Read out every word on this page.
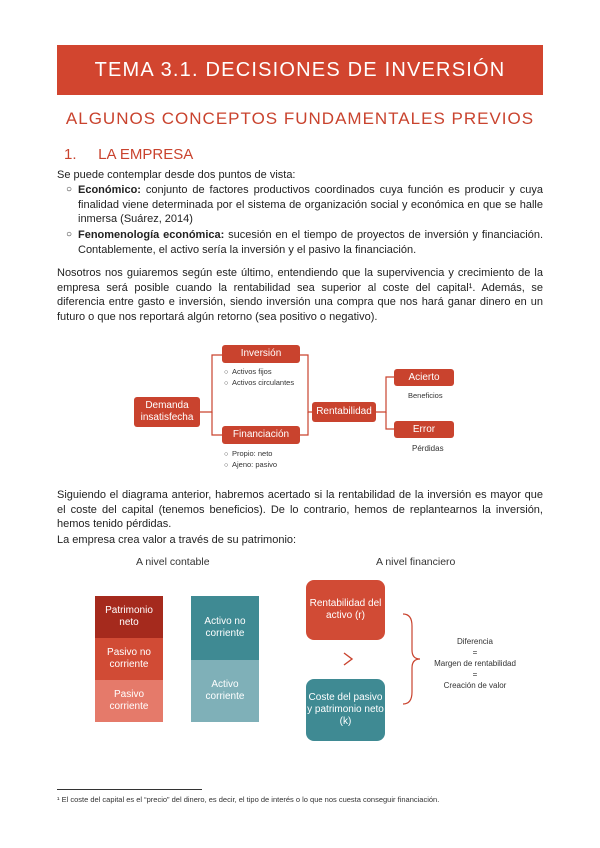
TEMA 3.1. DECISIONES DE INVERSIÓN
ALGUNOS CONCEPTOS FUNDAMENTALES PREVIOS
1. LA EMPRESA
Se puede contemplar desde dos puntos de vista:
○ Económico: conjunto de factores productivos coordinados cuya función es producir y cuya finalidad viene determinada por el sistema de organización social y económica en que se halle inmersa (Suárez, 2014)
○ Fenomenología económica: sucesión en el tiempo de proyectos de inversión y financiación. Contablemente, el activo sería la inversión y el pasivo la financiación.
Nosotros nos guiaremos según este último, entendiendo que la supervivencia y crecimiento de la empresa será posible cuando la rentabilidad sea superior al coste del capital¹. Además, se diferencia entre gasto e inversión, siendo inversión una compra que nos hará ganar dinero en un futuro o que nos reportará algún retorno (sea positivo o negativo).
Demanda insatisfecha
Inversión
○ Activos fijos
○ Activos circulantes
Financiación
○ Propio: neto
○ Ajeno: pasivo
Rentabilidad
Acierto
Beneficios
Error
Pérdidas
Siguiendo el diagrama anterior, habremos acertado si la rentabilidad de la inversión es mayor que el coste del capital (tenemos beneficios). De lo contrario, hemos de replantearnos la inversión, hemos tenido pérdidas.
La empresa crea valor a través de su patrimonio:
A nivel contable
Patrimonio neto
Pasivo no corriente
Pasivo corriente
Activo no corriente
Activo corriente
A nivel financiero
Rentabilidad del activo (r)
Coste del pasivo y patrimonio neto (k)
Diferencia
=
Margen de rentabilidad
=
Creación de valor
¹ El coste del capital es el “precio” del dinero, es decir, el tipo de interés o lo que nos cuesta conseguir financiación.
